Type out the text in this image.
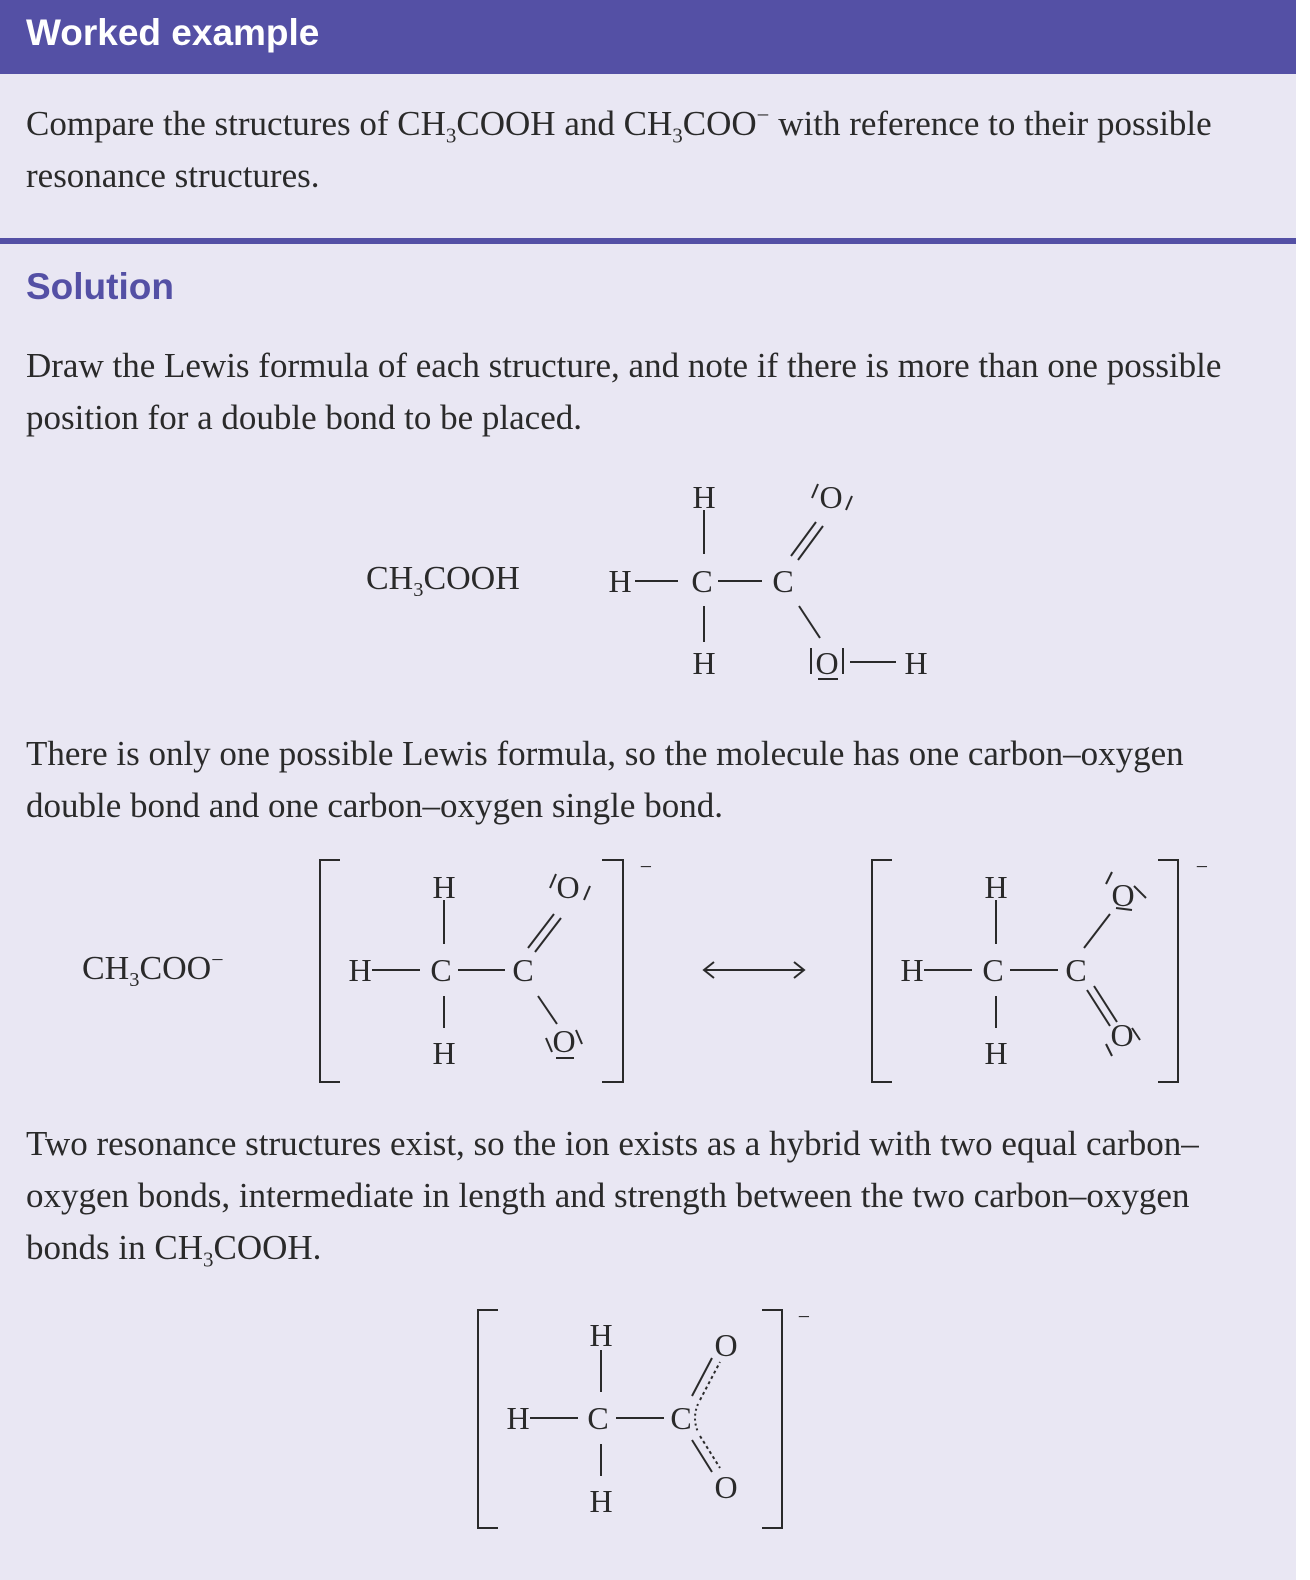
Worked example
Compare the structures of $CH_3COOH$ and $CH_3COO^-$ with reference to their possible resonance structures.
Solution
Draw the Lewis formula of each structure, and note if there is more than one possible position for a double bond to be placed.
$CH_3COOH$
H
H C C
H
O
O H
There is only one possible Lewis formula, so the molecule has one carbon–oxygen double bond and one carbon–oxygen single bond.
$CH_3COO^-$
H
H C C
H
O
O
−
H
H C C
H
O
O
−
Two resonance structures exist, so the ion exists as a hybrid with two equal carbon–oxygen bonds, intermediate in length and strength between the two carbon–oxygen bonds in $CH_3COOH$.
H
H C C
H
O
O
−
